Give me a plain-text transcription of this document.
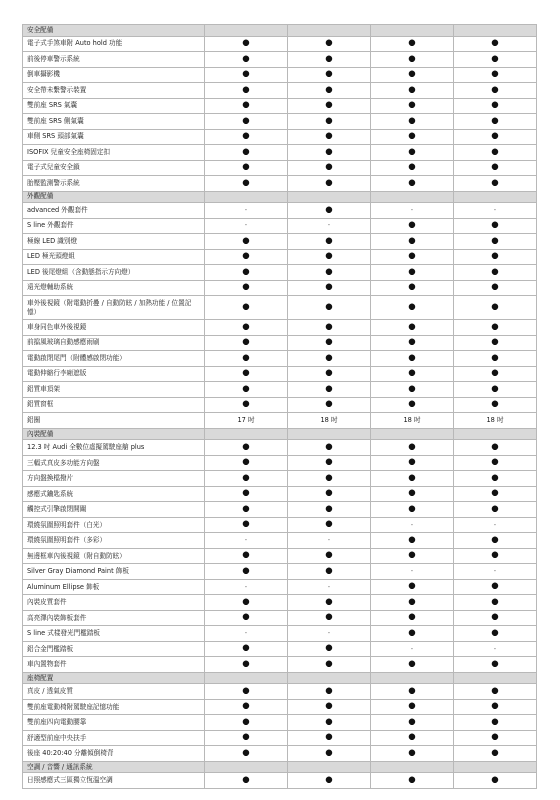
安全配備				
電子式手煞車附 Auto hold 功能	●	●	●	●
前後停車警示系統	●	●	●	●
倒車攝影機	●	●	●	●
安全帶未繫警示裝置	●	●	●	●
雙前座 SRS 氣囊	●	●	●	●
雙前座 SRS 側氣囊	●	●	●	●
車側 SRS 頭部氣囊	●	●	●	●
ISOFIX 兒童安全座椅固定扣	●	●	●	●
電子式兒童安全鎖	●	●	●	●
胎壓監測警示系統	●	●	●	●
外觀配備				
advanced 外觀套件	-	●	-	-
S line 外觀套件	-	-	●	●
極線 LED 識別燈	●	●	●	●
LED 極光頭燈組	●	●	●	●
LED 後尾燈組（含動態指示方向燈）	●	●	●	●
遠光燈輔助系統	●	●	●	●
車外後視鏡（附電動折疊 / 自動防眩 / 加熱功能 / 位置記憶）	●	●	●	●
車身同色車外後視鏡	●	●	●	●
前擋風玻璃自動感應雨刷	●	●	●	●
電動啟閉尾門（附體感啟閉功能）	●	●	●	●
電動伸縮行李廂遮版	●	●	●	●
鋁質車頂架	●	●	●	●
鋁質窗框	●	●	●	●
鋁圈	17 吋	18 吋	18 吋	18 吋
內裝配備				
12.3 吋 Audi 全數位虛擬駕駛座艙 plus	●	●	●	●
三輻式真皮多功能方向盤	●	●	●	●
方向盤換檔撥片	●	●	●	●
感應式鑰匙系統	●	●	●	●
觸控式引擎啟閉開關	●	●	●	●
環繞氛圍照明套件（白光）	●	●	-	-
環繞氛圍照明套件（多彩）	-	-	●	●
無邊框車內後視鏡（附自動防眩）	●	●	●	●
Silver Gray Diamond Paint 飾板	●	●	-	-
Aluminum Ellipse 飾板	-	-	●	●
內裝皮質套件	●	●	●	●
高亮澤內裝飾板套件	●	●	●	●
S line 式樣發光門檻踏板	-	-	●	●
鋁合金門檻踏板	●	●	-	-
車內置物套件	●	●	●	●
座椅配置				
真皮 / 透氣皮質	●	●	●	●
雙前座電動椅附駕駛座記憶功能	●	●	●	●
雙前座四向電動腰靠	●	●	●	●
舒適型前座中央扶手	●	●	●	●
後座 40:20:40 分離傾倒椅背	●	●	●	●
空調 / 音響 / 通訊系統				
日照感應式三區獨立恆溫空調	●	●	●	●
